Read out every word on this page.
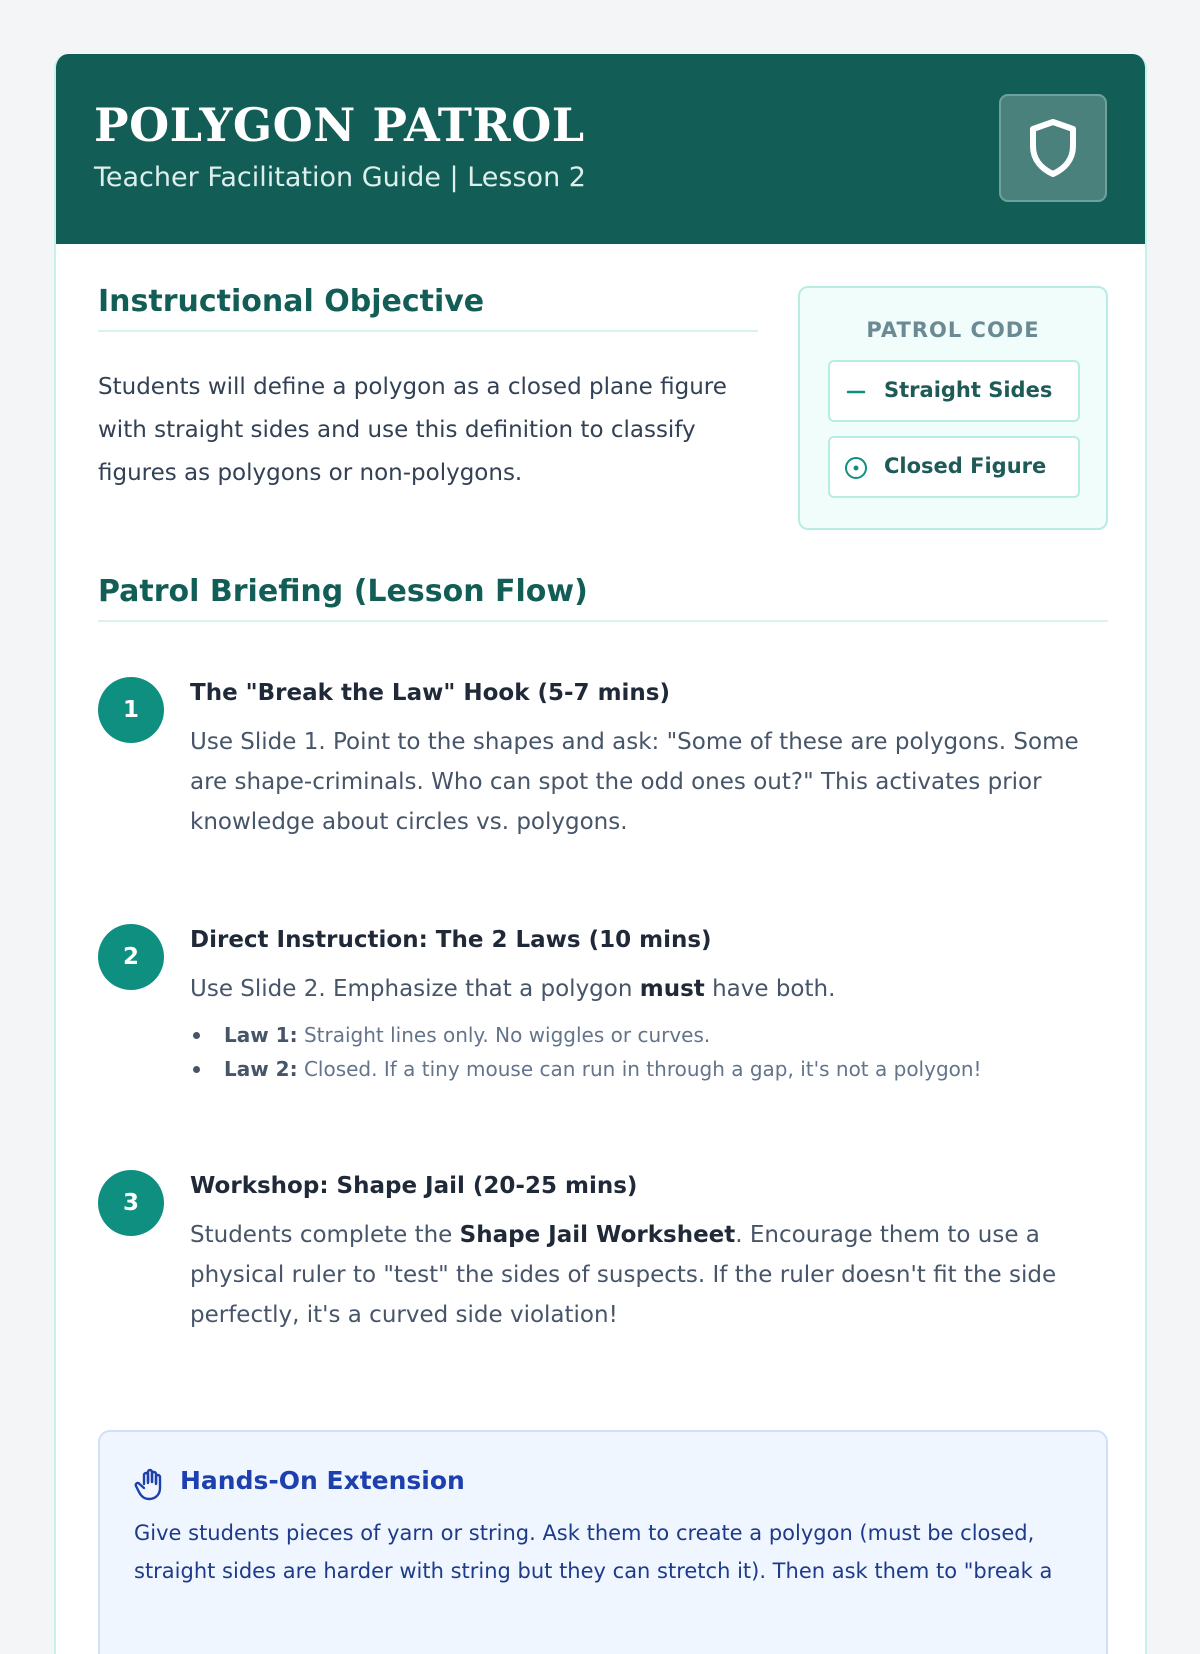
POLYGON PATROL
Teacher Facilitation Guide | Lesson 2
Instructional Objective

Students will define a polygon as a closed plane figure with straight sides and use this definition to classify figures as polygons or non-polygons.

PATROL CODE
Straight Sides
Closed Figure
Patrol Briefing (Lesson Flow)
1
The "Break the Law" Hook (5-7 mins)

Use Slide 1. Point to the shapes and ask: "Some of these are polygons. Some are shape-criminals. Who can spot the odd ones out?" This activates prior knowledge about circles vs. polygons.

2
Direct Instruction: The 2 Laws (10 mins)

Use Slide 2. Emphasize that a polygon must have both.

Law 1: Straight lines only. No wiggles or curves.
Law 2: Closed. If a tiny mouse can run in through a gap, it's not a polygon!
3
Workshop: Shape Jail (20-25 mins)

Students complete the Shape Jail Worksheet. Encourage them to use a physical ruler to "test" the sides of suspects. If the ruler doesn't fit the side perfectly, it's a curved side violation!

Hands-On Extension

Give students pieces of yarn or string. Ask them to create a polygon (must be closed, straight sides are harder with string but they can stretch it). Then ask them to "break a
